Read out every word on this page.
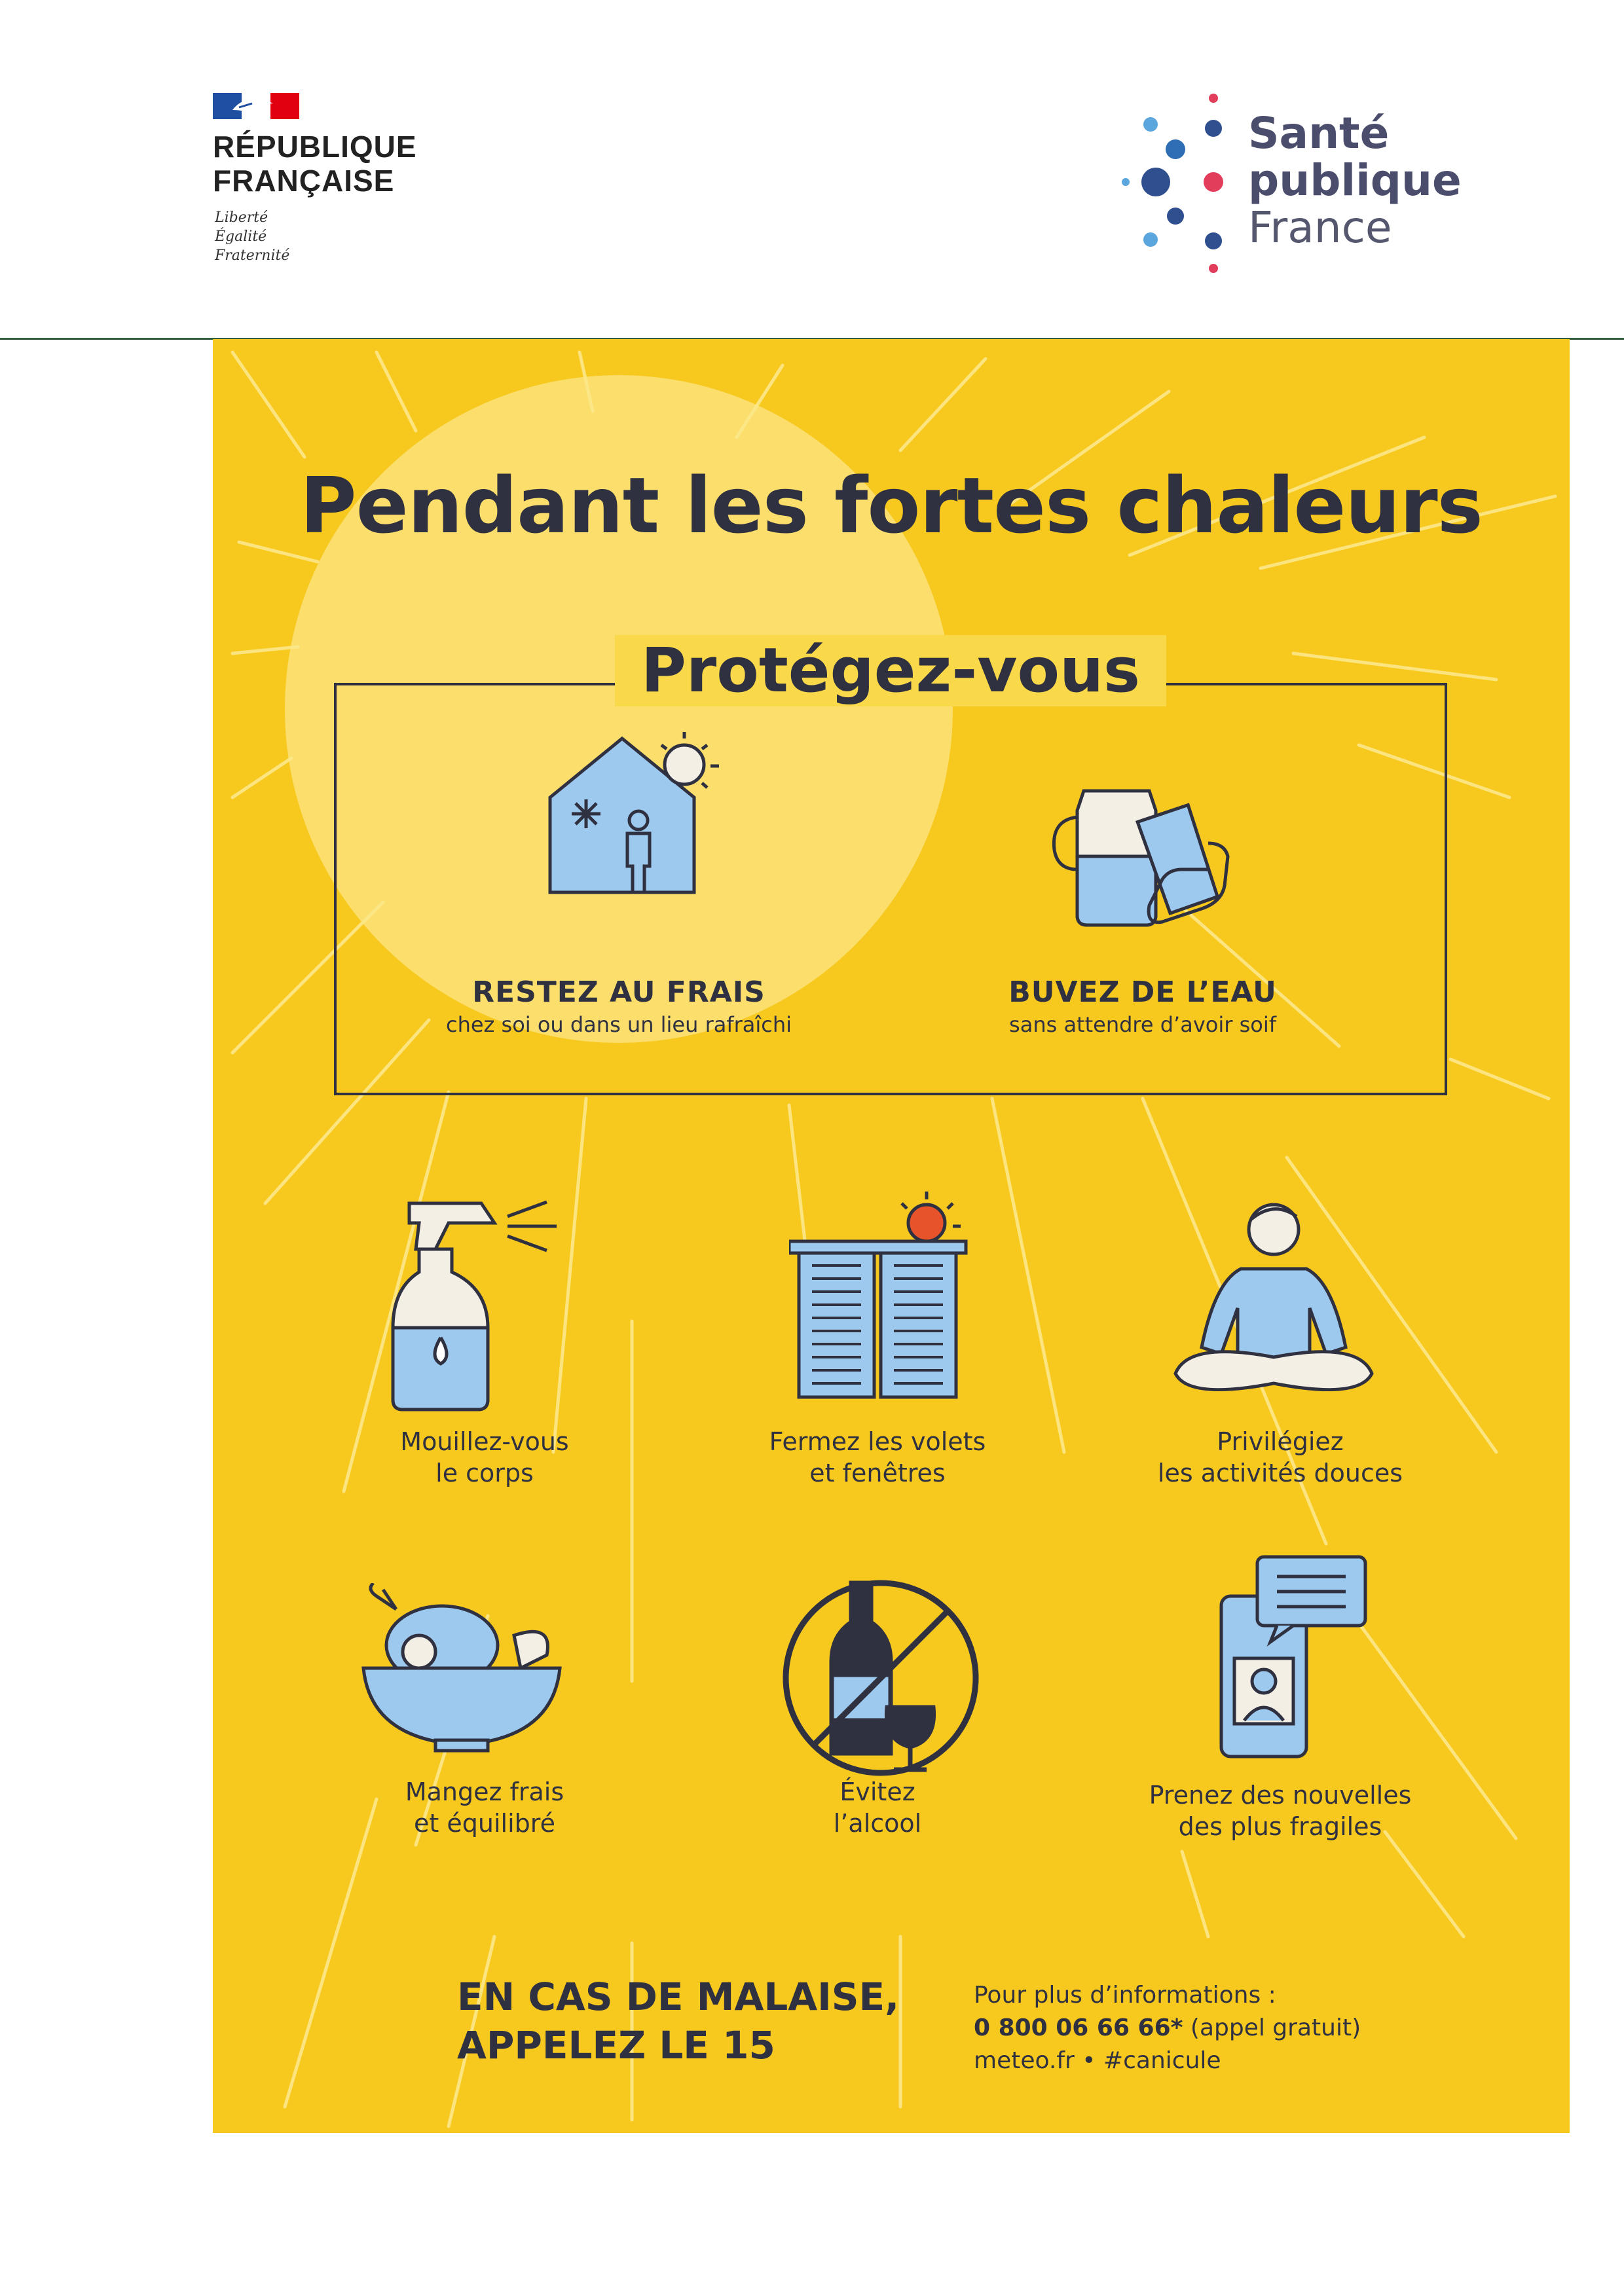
RÉPUBLIQUE
FRANÇAISE
Liberté
Égalité
Fraternité
Santé
publique
France
Pendant les fortes chaleurs
Protégez-vous
RESTEZ AU FRAIS
chez soi ou dans un lieu rafraîchi
BUVEZ DE L’EAU
sans attendre d’avoir soif
Mouillez-vous
le corps
Fermez les volets
et fenêtres
Privilégiez
les activités douces
Mangez frais
et équilibré
Évitez
l’alcool
Prenez des nouvelles
des plus fragiles
EN CAS DE MALAISE,
APPELEZ LE 15
Pour plus d’informations :
0 800 06 66 66* (appel gratuit)
meteo.fr • #canicule
